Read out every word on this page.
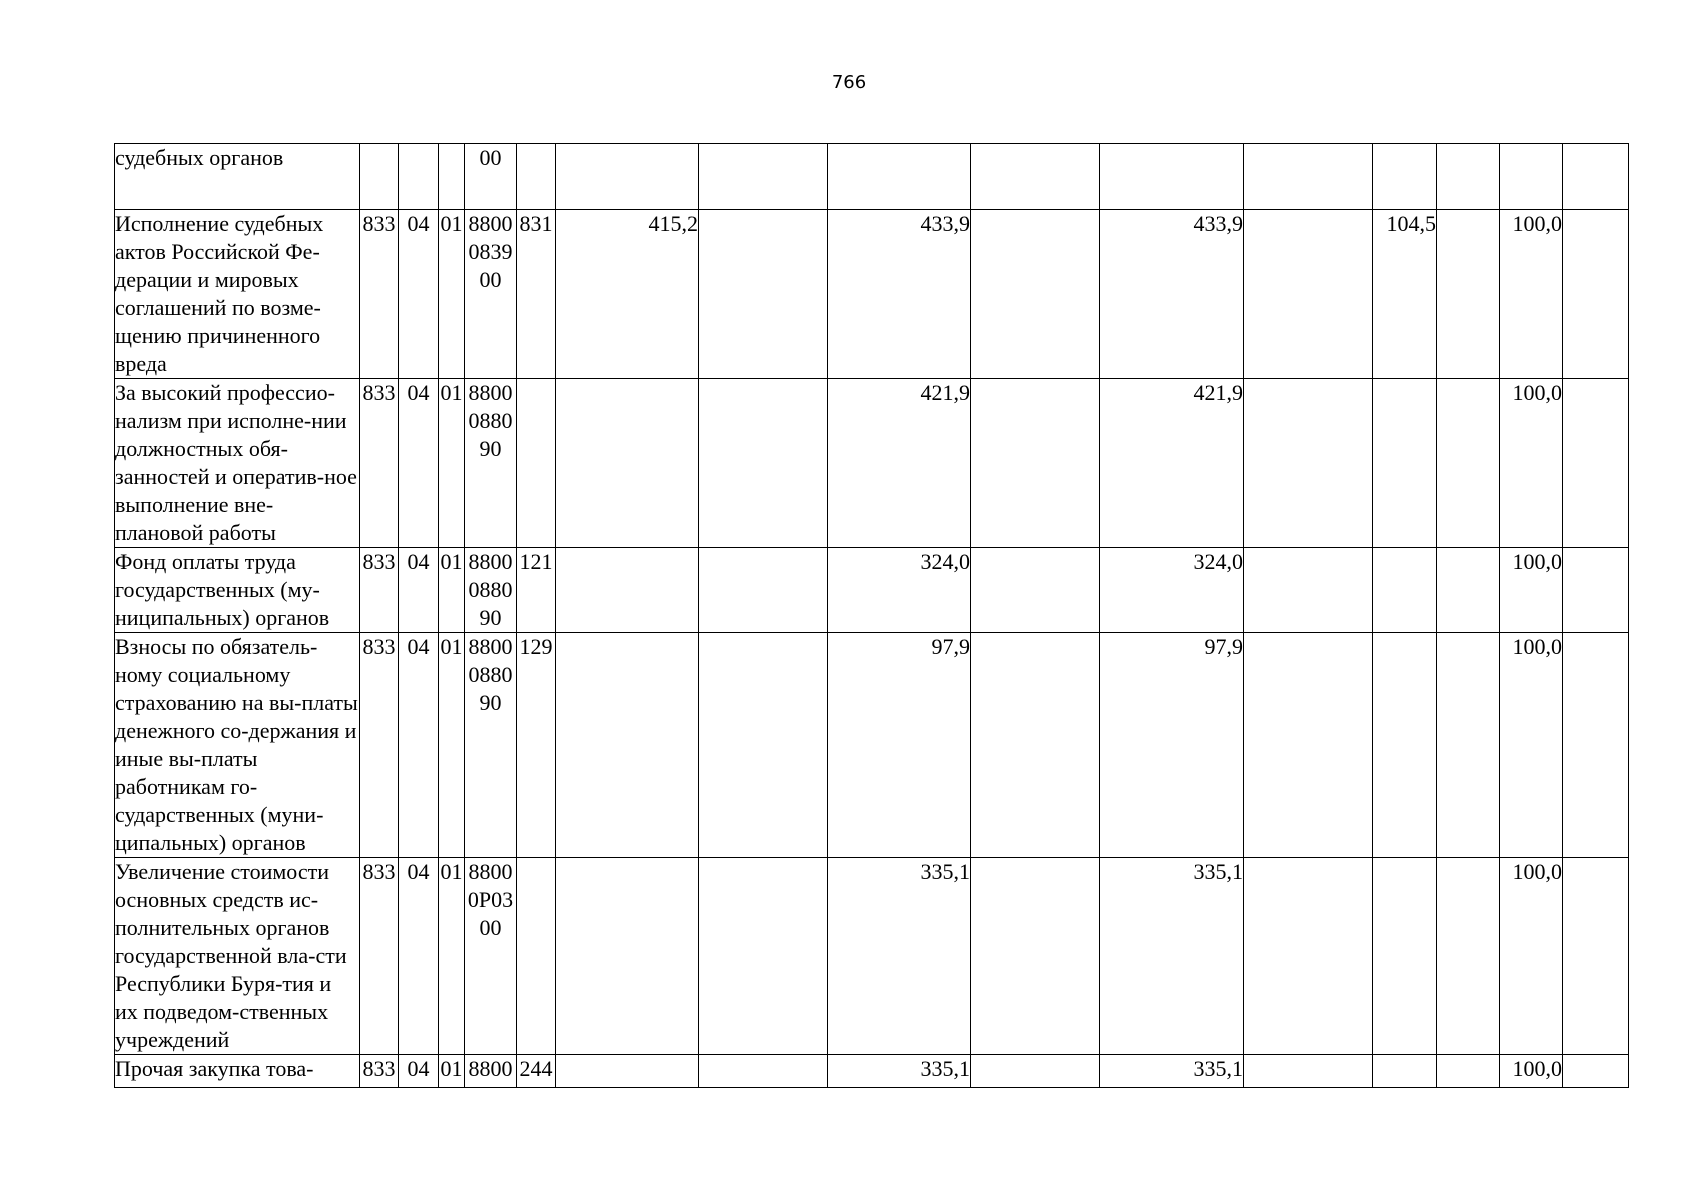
766
судебных органов				00											
Исполнение судебных актов Российской Фе-дерации и мировых соглашений по возме-щению причиненного вреда	833	04	01	8800 0839 00	831	415,2		433,9		433,9		104,5		100,0	
За высокий профессио-нализм при исполне-нии должностных обя-занностей и оператив-ное выполнение вне-плановой работы	833	04	01	8800 0880 90				421,9		421,9				100,0	
Фонд оплаты труда государственных (му-ниципальных) органов	833	04	01	8800 0880 90	121			324,0		324,0				100,0	
Взносы по обязатель-ному социальному страхованию на вы-платы денежного со-держания и иные вы-платы работникам го-сударственных (муни-ципальных) органов	833	04	01	8800 0880 90	129			97,9		97,9				100,0	
Увеличение стоимости основных средств ис-полнительных органов государственной вла-сти Республики Буря-тия и их подведом-ственных учреждений	833	04	01	8800 0P03 00				335,1		335,1				100,0	
Прочая закупка това-	833	04	01	8800	244			335,1		335,1				100,0	
